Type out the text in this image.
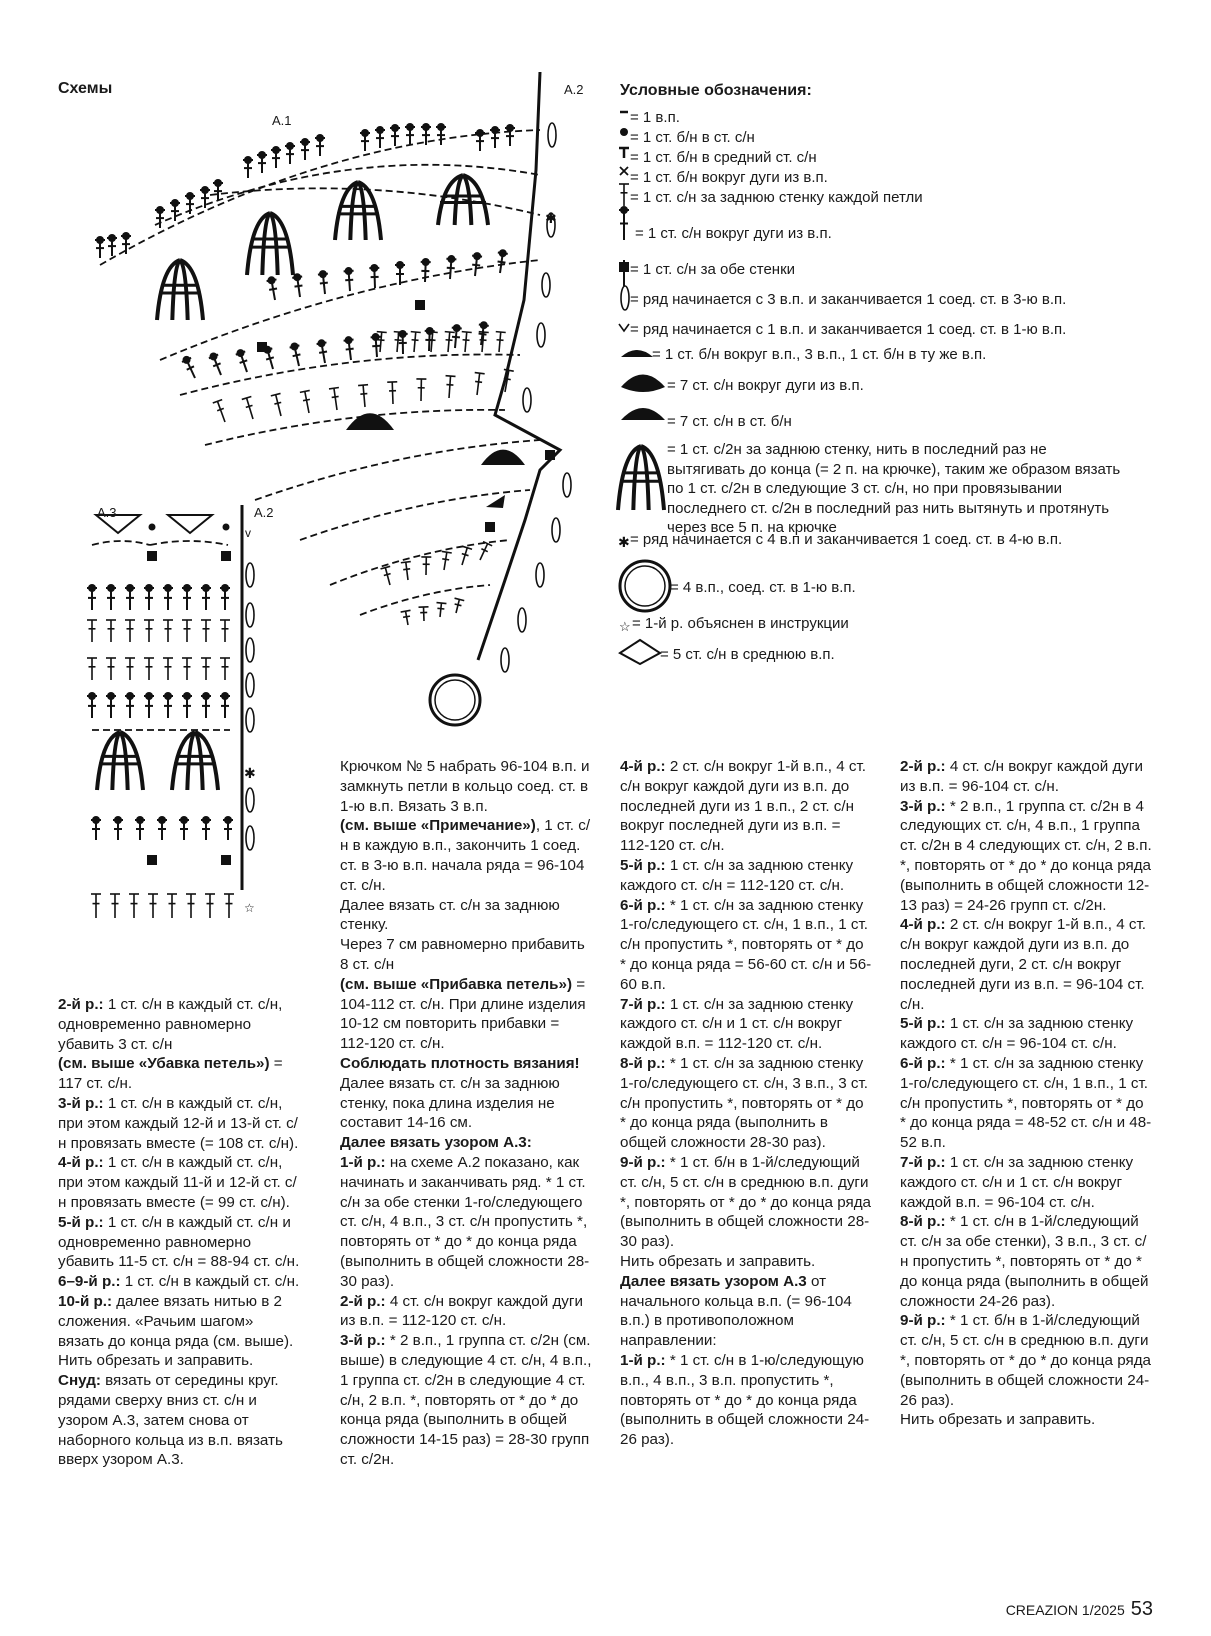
Схемы
✱
v
✱
☆
✱
☆
A.1
A.2
A.3	A.2
Условные обозначения:
= 1 в.п.
= 1 ст. б/н в ст. с/н
= 1 ст. б/н в средний ст. с/н
= 1 ст. б/н вокруг дуги из в.п.
= 1 ст. с/н за заднюю стенку каждой петли
= 1 ст. с/н вокруг дуги из в.п.
= 1 ст. с/н за обе стенки
= ряд начинается с 3 в.п. и заканчивается 1 соед. ст. в 3-ю в.п.
= ряд начинается с 1 в.п. и заканчивается 1 соед. ст. в 1-ю в.п.
= 1 ст. б/н вокруг в.п., 3 в.п., 1 ст. б/н в ту же в.п.
= 7 ст. с/н вокруг дуги из в.п.
= 7 ст. с/н в ст. б/н
= 1 ст. с/2н за заднюю стенку, нить в последний раз не вытягивать до конца (= 2 п. на крючке), таким же образом вязать по 1 ст. с/2н в следующие 3 ст. с/н, но при провязывании последнего ст. с/2н в последний раз нить вытянуть и протянуть через все 5 п. на крючке
= ряд начинается с 4 в.п и заканчивается 1 соед. ст. в 4-ю в.п.
= 4 в.п., соед. ст. в 1-ю в.п.
= 1-й р. объяснен в инструкции
= 5 ст. с/н в среднюю в.п.

2-й р.: 1 ст. с/н в каждый ст. с/н, одновременно равномерно убавить 3 ст. с/н

(см. выше «Убавка петель») = 117 ст. с/н.

3-й р.: 1 ст. с/н в каждый ст. с/н, при этом каждый 12-й и 13-й ст. с/н провязать вместе (= 108 ст. с/н).

4-й р.: 1 ст. с/н в каждый ст. с/н, при этом каждый 11-й и 12-й ст. с/н провязать вместе (= 99 ст. с/н).

5-й р.: 1 ст. с/н в каждый ст. с/н и одновременно равномерно убавить 11-5 ст. с/н = 88-94 ст. с/н.

6–9-й р.: 1 ст. с/н в каждый ст. с/н.

10-й р.: далее вязать нитью в 2 сложения. «Рачьим шагом» вязать до конца ряда (см. выше). Нить обрезать и заправить.

Снуд: вязать от середины круг. рядами сверху вниз ст. с/н и узором А.3, затем снова от наборного кольца из в.п. вязать вверх узором А.3.

Крючком № 5 набрать 96-104 в.п. и замкнуть петли в кольцо соед. ст. в 1-ю в.п. Вязать 3 в.п.

(см. выше «Примечание»), 1 ст. с/н в каждую в.п., закончить 1 соед. ст. в 3-ю в.п. начала ряда = 96-104 ст. с/н.

Далее вязать ст. с/н за заднюю стенку.

Через 7 см равномерно прибавить 8 ст. с/н

(см. выше «Прибавка петель») = 104-112 ст. с/н. При длине изделия 10-12 см повторить прибавки = 112-120 ст. с/н.

Соблюдать плотность вязания!

Далее вязать ст. с/н за заднюю стенку, пока длина изделия не составит 14-16 см.

Далее вязать узором А.3:

1-й р.: на схеме А.2 показано, как начинать и заканчивать ряд. * 1 ст. с/н за обе стенки 1-го/следующего ст. с/н, 4 в.п., 3 ст. с/н пропустить *, повторять от * до * до конца ряда (выполнить в общей сложности 28-30 раз).

2-й р.: 4 ст. с/н вокруг каждой дуги из в.п. = 112-120 ст. с/н.

3-й р.: * 2 в.п., 1 группа ст. с/2н (см. выше) в следующие 4 ст. с/н, 4 в.п., 1 группа ст. с/2н в следующие 4 ст. с/н, 2 в.п. *, повторять от * до * до конца ряда (выполнить в общей сложности 14-15 раз) = 28-30 групп ст. с/2н.

4-й р.: 2 ст. с/н вокруг 1-й в.п., 4 ст. с/н вокруг каждой дуги из в.п. до последней дуги из 1 в.п., 2 ст. с/н вокруг последней дуги из в.п. = 112-120 ст. с/н.

5-й р.: 1 ст. с/н за заднюю стенку каждого ст. с/н = 112-120 ст. с/н.

6-й р.: * 1 ст. с/н за заднюю стенку 1-го/следующего ст. с/н, 1 в.п., 1 ст. с/н пропустить *, повторять от * до * до конца ряда = 56-60 ст. с/н и 56-60 в.п.

7-й р.: 1 ст. с/н за заднюю стенку каждого ст. с/н и 1 ст. с/н вокруг каждой в.п. = 112-120 ст. с/н.

8-й р.: * 1 ст. с/н за заднюю стенку 1-го/следующего ст. с/н, 3 в.п., 3 ст. с/н пропустить *, повторять от * до * до конца ряда (выполнить в общей сложности 28-30 раз).

9-й р.: * 1 ст. б/н в 1-й/следующий ст. с/н, 5 ст. с/н в среднюю в.п. дуги *, повторять от * до * до конца ряда (выполнить в общей сложности 28-30 раз).

Нить обрезать и заправить.

Далее вязать узором А.3 от начального кольца в.п. (= 96-104 в.п.) в противоположном направлении:

1-й р.: * 1 ст. с/н в 1-ю/следующую в.п., 4 в.п., 3 в.п. пропустить *, повторять от * до * до конца ряда (выполнить в общей сложности 24-26 раз).

2-й р.: 4 ст. с/н вокруг каждой дуги из в.п. = 96-104 ст. с/н.

3-й р.: * 2 в.п., 1 группа ст. с/2н в 4 следующих ст. с/н, 4 в.п., 1 группа ст. с/2н в 4 следующих ст. с/н, 2 в.п. *, повторять от * до * до конца ряда (выполнить в общей сложности 12-13 раз) = 24-26 групп ст. с/2н.

4-й р.: 2 ст. с/н вокруг 1-й в.п., 4 ст. с/н вокруг каждой дуги из в.п. до последней дуги, 2 ст. с/н вокруг последней дуги из в.п. = 96-104 ст. с/н.

5-й р.: 1 ст. с/н за заднюю стенку каждого ст. с/н = 96-104 ст. с/н.

6-й р.: * 1 ст. с/н за заднюю стенку 1-го/следующего ст. с/н, 1 в.п., 1 ст. с/н пропустить *, повторять от * до * до конца ряда = 48-52 ст. с/н и 48-52 в.п.

7-й р.: 1 ст. с/н за заднюю стенку каждого ст. с/н и 1 ст. с/н вокруг каждой в.п. = 96-104 ст. с/н.

8-й р.: * 1 ст. с/н в 1-й/следующий ст. с/н за обе стенки), 3 в.п., 3 ст. с/н пропустить *, повторять от * до * до конца ряда (выполнить в общей сложности 24-26 раз).

9-й р.: * 1 ст. б/н в 1-й/следующий ст. с/н, 5 ст. с/н в среднюю в.п. дуги *, повторять от * до * до конца ряда (выполнить в общей сложности 24-26 раз).

Нить обрезать и заправить.

CREAZION 1/2025 53
